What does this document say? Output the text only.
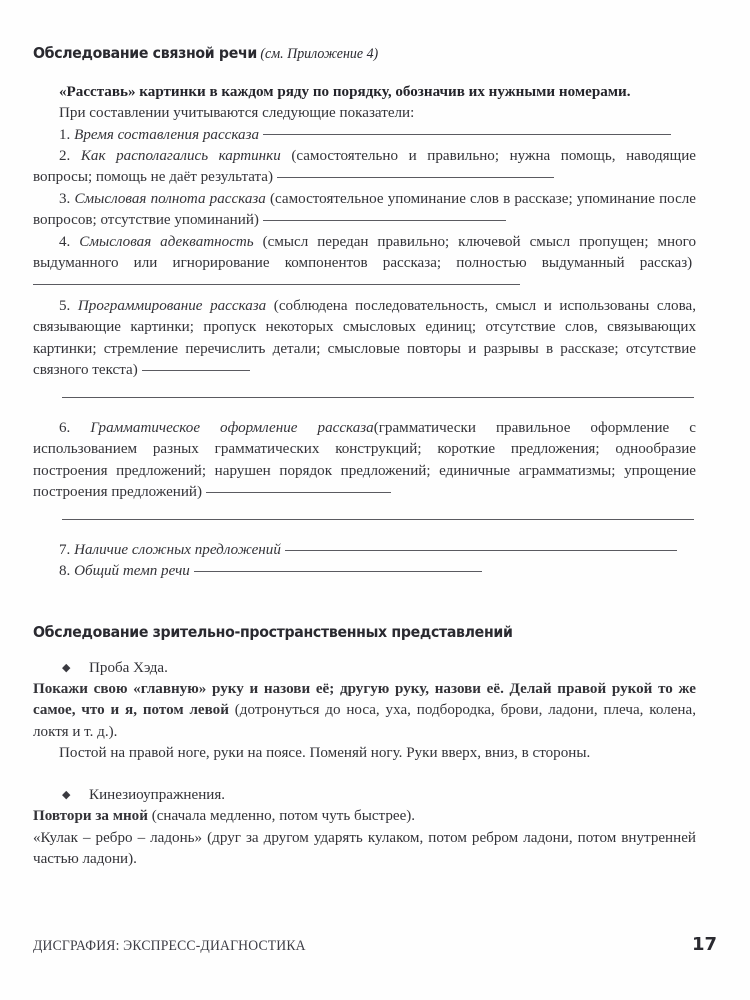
Обследование связной речи (см. Приложение 4)

«Расставь» картинки в каждом ряду по порядку, обозначив их нужными номерами.

При составлении учитываются следующие показатели:

1. Время составления рассказа

2. Как располагались картинки (самостоятельно и правильно; нужна помощь, наводящие вопросы; помощь не даёт результата)

3. Смысловая полнота рассказа (самостоятельное упоминание слов в рассказе; упоминание после вопросов; отсутствие упоминаний)

4. Смысловая адекватность (смысл передан правильно; ключевой смысл пропущен; много выдуманного или игнорирование компонентов рассказа; полностью выдуманный рассказ)

5. Программирование рассказа (соблюдена последовательность, смысл и использованы слова, связывающие картинки; пропуск некоторых смысловых единиц; отсутствие слов, связывающих картинки; стремление перечислить детали; смысловые повторы и разрывы в рассказе; отсутствие связного текста)

6. Грамматическое оформление рассказа(грамматически правильное оформление с использованием разных грамматических конструкций; короткие предложения; однообразие построения предложений; нарушен порядок предложений; единичные аграмматизмы; упрощение построения предложений)

7. Наличие сложных предложений

8. Общий темп речи

Обследование зрительно-пространственных представлений

◆ Проба Хэда.

Покажи свою «главную» руку и назови её; другую руку, назови её. Делай правой рукой то же самое, что и я, потом левой (дотронуться до носа, уха, подбородка, брови, ладони, плеча, колена, локтя и т. д.).

Постой на правой ноге, руки на поясе. Поменяй ногу. Руки вверх, вниз, в стороны.

◆ Кинезиоупражнения.

Повтори за мной (сначала медленно, потом чуть быстрее).

«Кулак – ребро – ладонь» (друг за другом ударять кулаком, потом ребром ладони, потом внутренней частью ладони).

ДИСГРАФИЯ: ЭКСПРЕСС-ДИАГНОСТИКА	17
